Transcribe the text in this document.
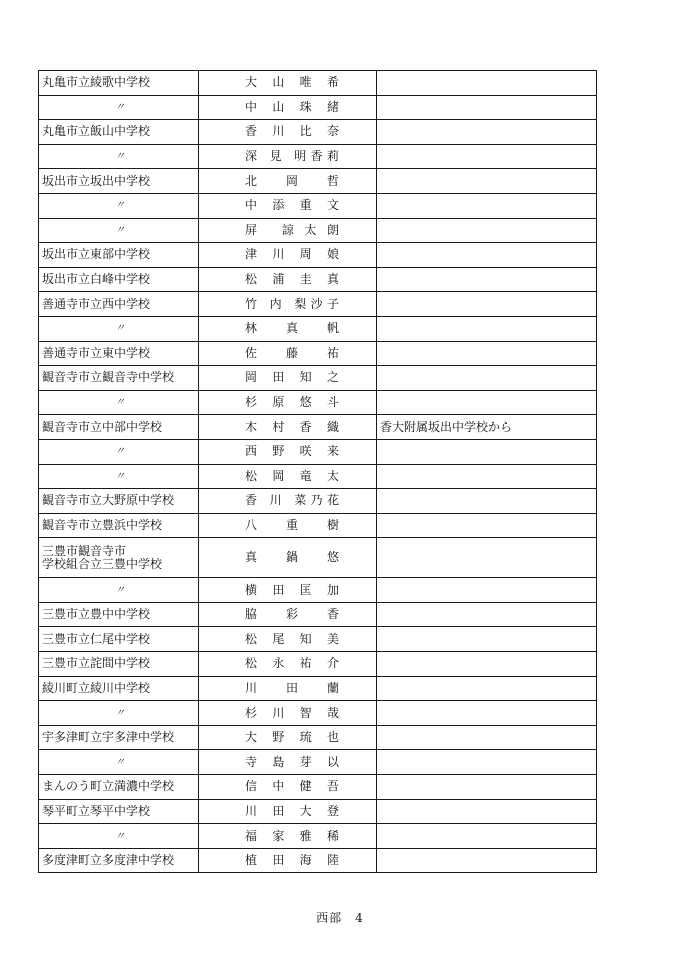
丸亀市立綾歌中学校	大 山 唯 希	
〃	中 山 珠 緒	
丸亀市立飯山中学校	香 川 比 奈	
〃	深 見 明香莉	
坂出市立坂出中学校	北 岡 哲	
〃	中 添 重 文	
〃	屏 諒太朗	
坂出市立東部中学校	津 川 周 娘	
坂出市立白峰中学校	松 浦 圭 真	
善通寺市立西中学校	竹 内 梨沙子	
〃	林 真 帆	
善通寺市立東中学校	佐 藤 祐	
観音寺市立観音寺中学校	岡 田 知 之	
〃	杉 原 悠 斗	
観音寺市立中部中学校	木 村 香 織	香大附属坂出中学校から
〃	西 野 咲 来	
〃	松 岡 竜 太	
観音寺市立大野原中学校	香 川 菜乃花	
観音寺市立豊浜中学校	八 重 樹	
三豊市観音寺市
学校組合立三豊中学校	真 鍋 悠	
〃	横 田 匡 加	
三豊市立豊中中学校	脇 彩 香	
三豊市立仁尾中学校	松 尾 知 美	
三豊市立詫間中学校	松 永 祐 介	
綾川町立綾川中学校	川 田 蘭	
〃	杉 川 智 哉	
宇多津町立宇多津中学校	大 野 琉 也	
〃	寺 島 芽 以	
まんのう町立満濃中学校	信 中 健 吾	
琴平町立琴平中学校	川 田 大 登	
〃	福 家 雅 稀	
多度津町立多度津中学校	植 田 海 陸	
西部　4
